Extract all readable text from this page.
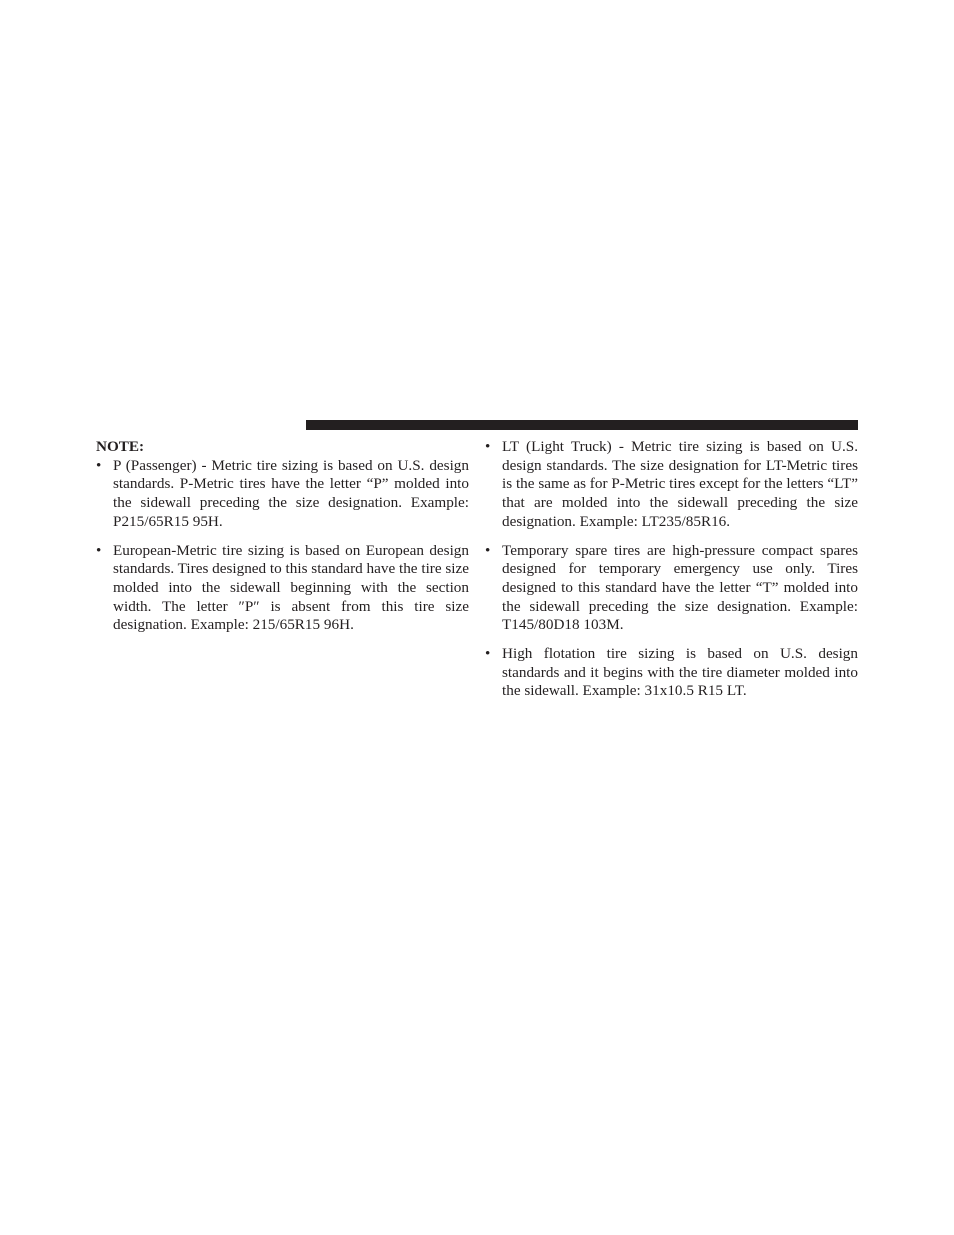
NOTE:

• P (Passenger) - Metric tire sizing is based on U.S. design standards. P-Metric tires have the letter “P” molded into the sidewall preceding the size designation. Example: P215/65R15 95H.
• European-Metric tire sizing is based on European design standards. Tires designed to this standard have the tire size molded into the sidewall beginning with the section width. The letter ″P″ is absent from this tire size designation. Example: 215/65R15 96H.
• LT (Light Truck) - Metric tire sizing is based on U.S. design standards. The size designation for LT-Metric tires is the same as for P-Metric tires except for the letters “LT” that are molded into the sidewall preceding the size designation. Example: LT235/85R16.
• Temporary spare tires are high-pressure compact spares designed for temporary emergency use only. Tires designed to this standard have the letter “T” molded into the sidewall preceding the size designation. Example: T145/80D18 103M.
• High flotation tire sizing is based on U.S. design standards and it begins with the tire diameter molded into the sidewall. Example: 31x10.5 R15 LT.
